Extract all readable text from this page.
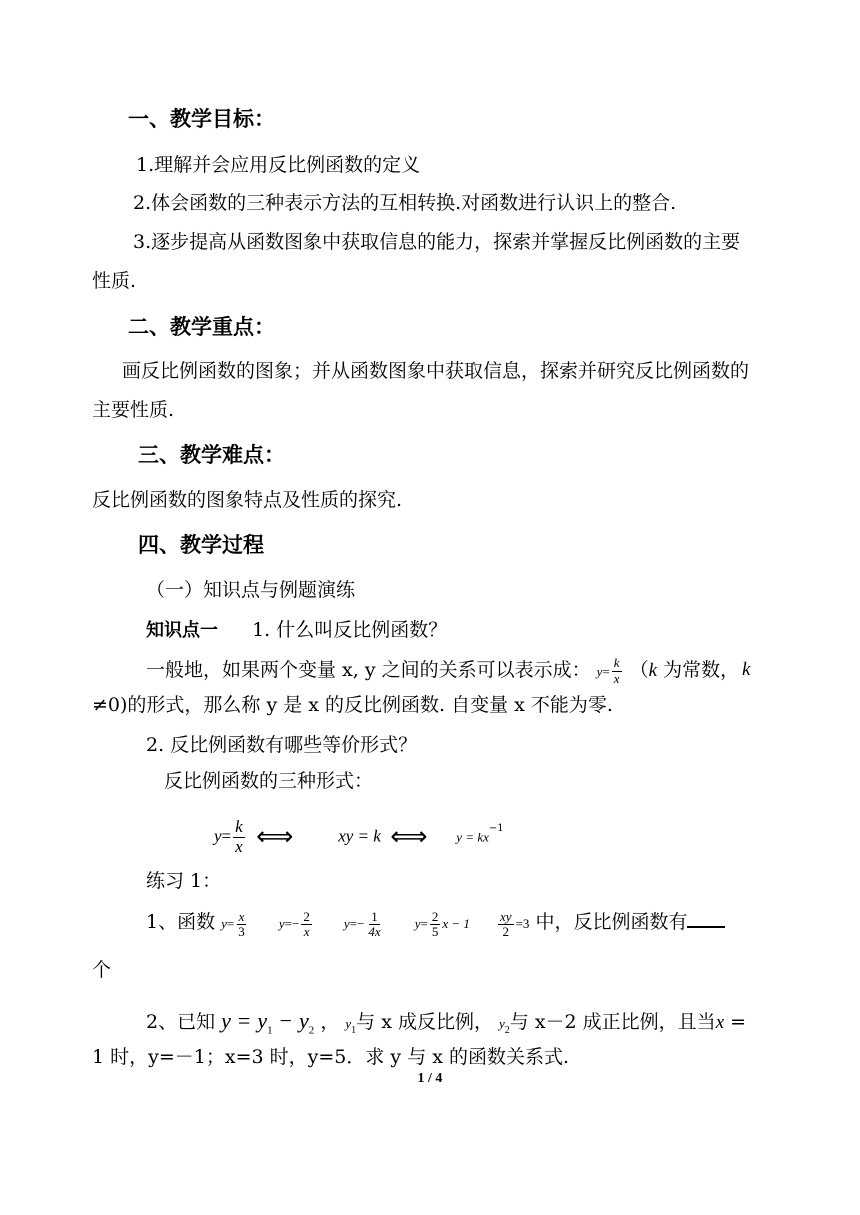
一、教学目标：
1.理解并会应用反比例函数的定义
2.体会函数的三种表示方法的互相转换.对函数进行认识上的整合.
3.逐步提高从函数图象中获取信息的能力，探索并掌握反比例函数的主要
性质.
二、教学重点：
画反比例函数的图象；并从函数图象中获取信息，探索并研究反比例函数的
主要性质.
三、教学难点：
反比例函数的图象特点及性质的探究.
四、教学过程
（一）知识点与例题演练
知识点一 1. 什么叫反比例函数？
一般地，如果两个变量 x, y 之间的关系可以表示成： $y= \frac{k}{x} (k$ 为常数， k
≠0)的形式，那么称 y 是 x 的反比例函数. 自变量 x 不能为零.
2. 反比例函数有哪些等价形式？
反比例函数的三种形式：
$y= \frac{k}{x}$ ⟺	xy = k ⟺ $y = kx^{-1}$
练习 1：
1、函数 $y= \frac{x}{3} y=- \frac{2}{x} y=- \frac{1}{4x} y= \frac{2}{5}$ $x - 1 \frac{xy}{2} =3$ 中，反比例函数有
个
2、已知 $y = y_1 - y_2$ ， $y_1$与 x 成反比例， $y_2$与 x－2 成正比例，且当x =
1 时，y=－1；x=3 时，y=5．求 y 与 x 的函数关系式.
1 / 4
